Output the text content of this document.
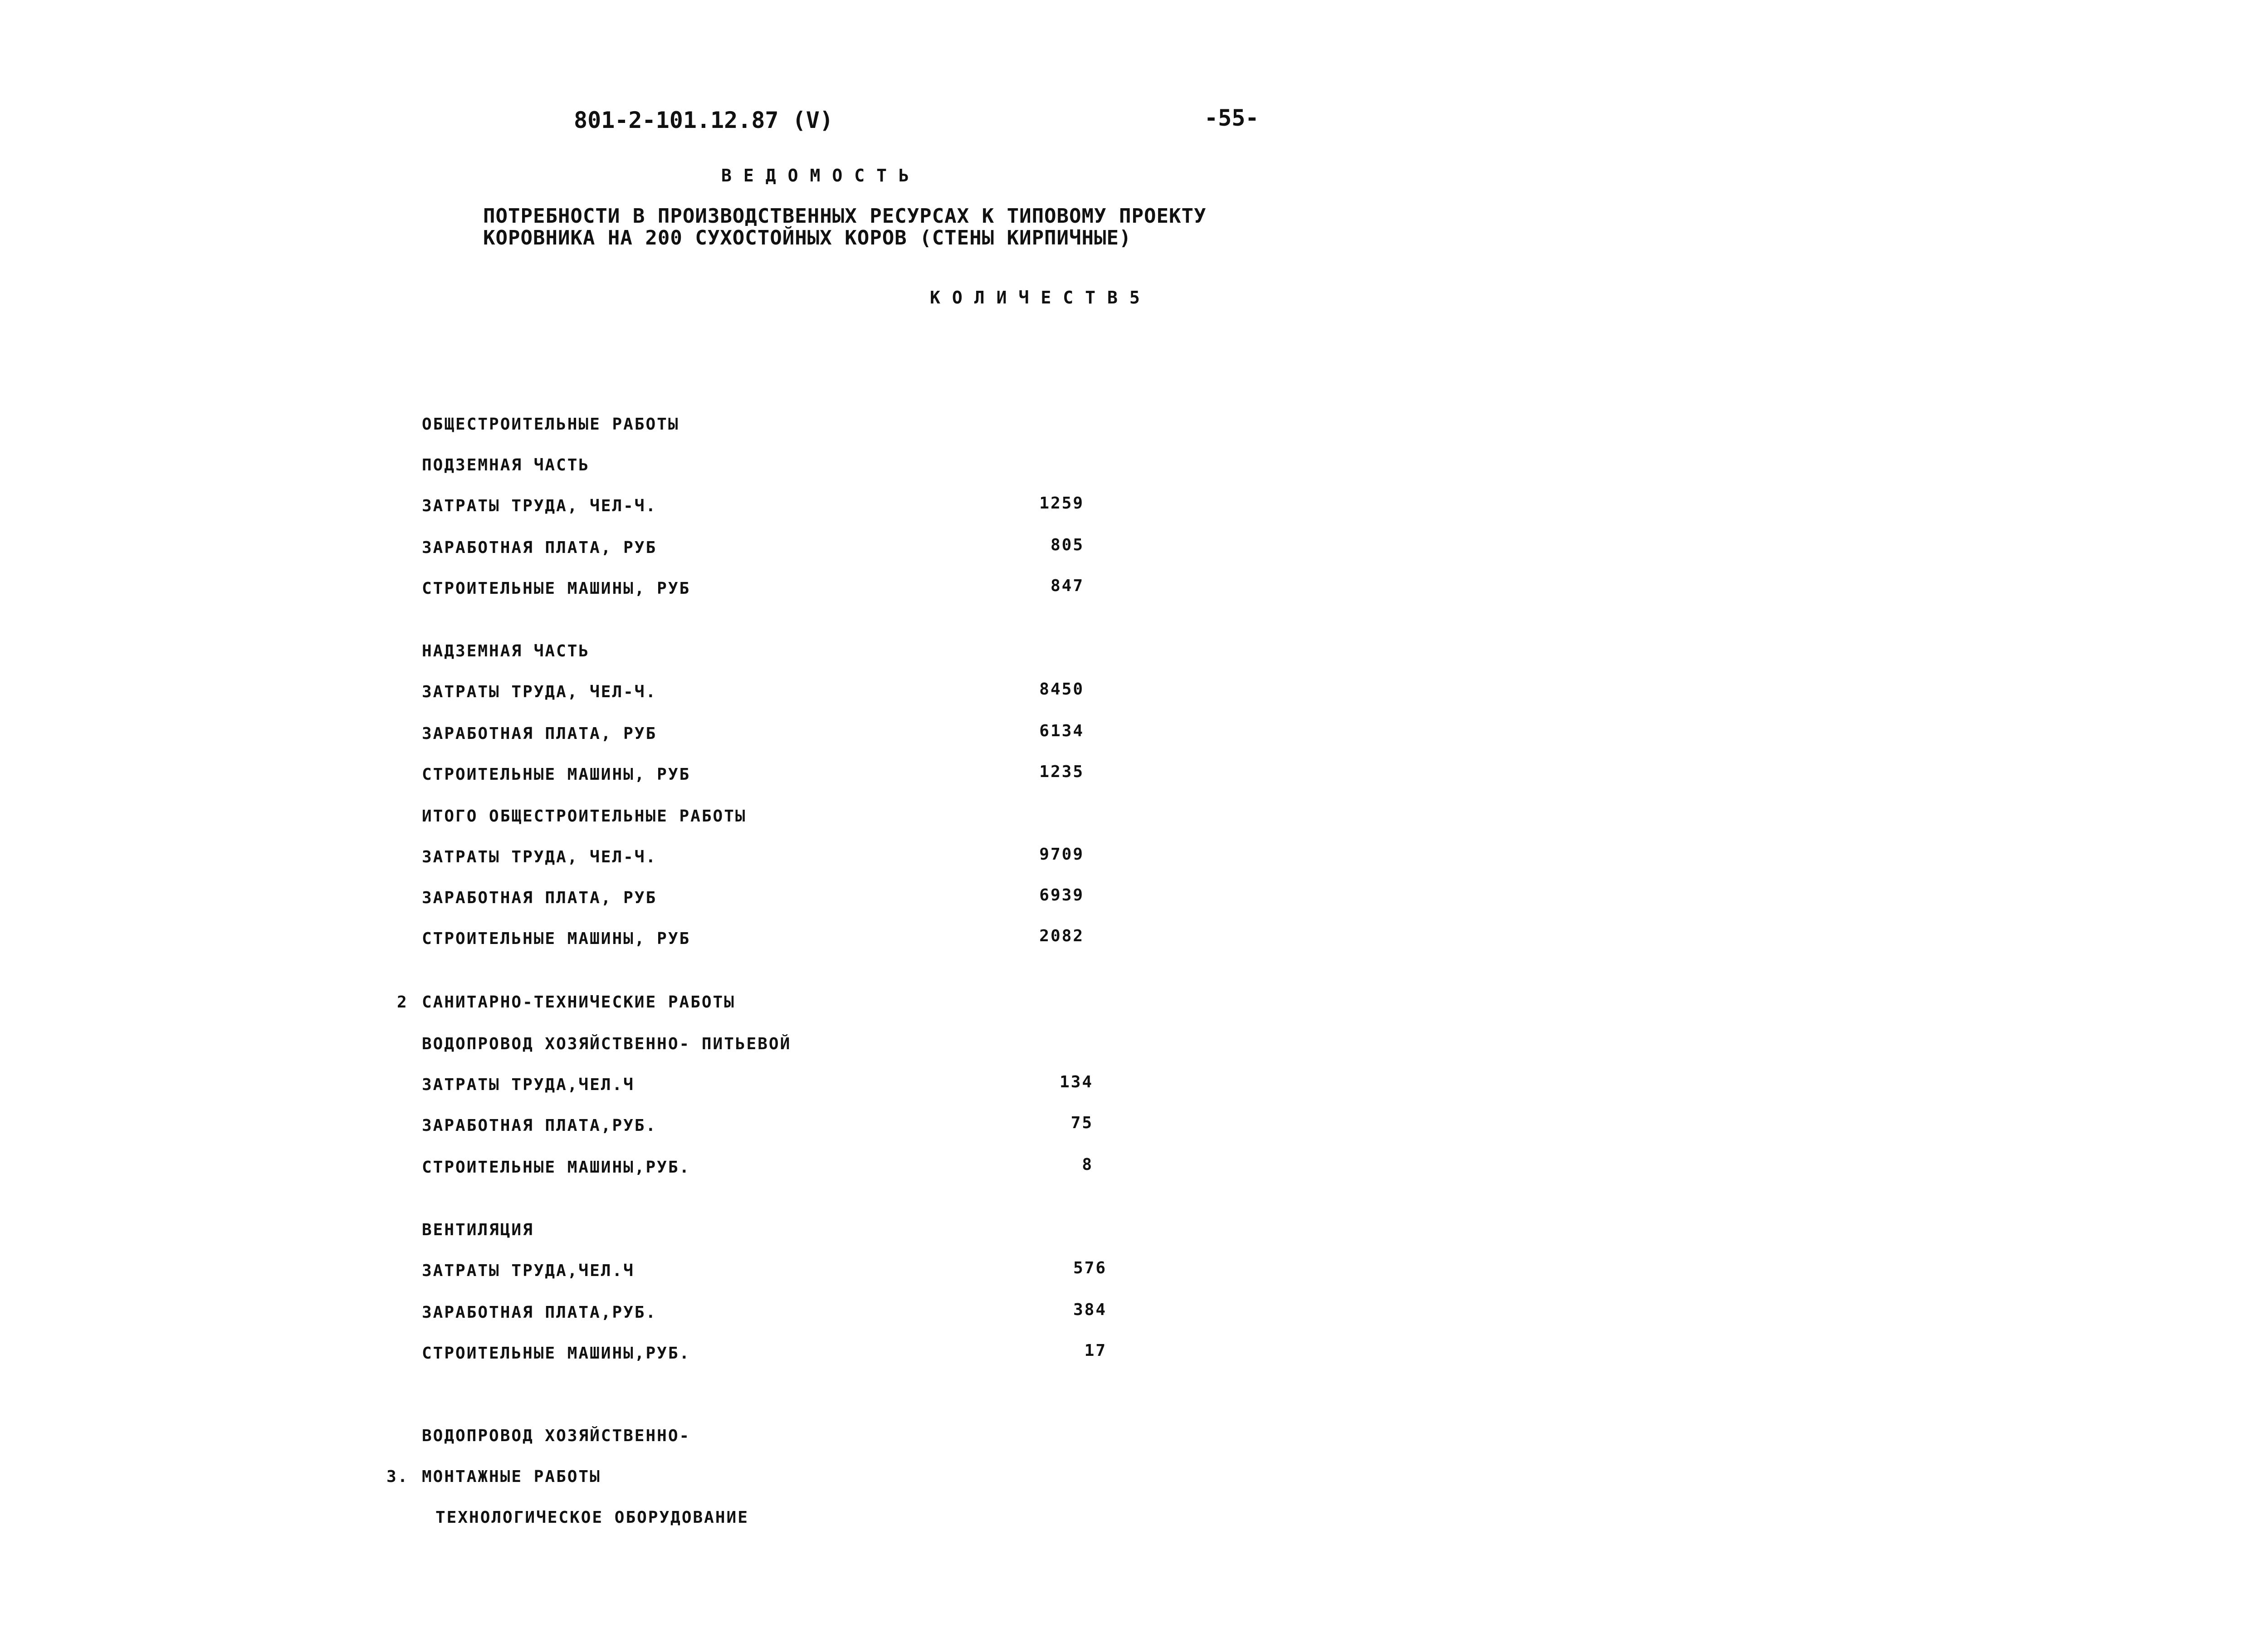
801-2-101.12.87 (V)	-55-
ВЕДОМОСТЬ
ПОТРЕБНОСТИ В ПРОИЗВОДСТВЕННЫХ РЕСУРСАХ К ТИПОВОМУ ПРОЕКТУ
КОРОВНИКА НА 200 СУХОСТОЙНЫХ КОРОВ (СТЕНЫ КИРПИЧНЫЕ)
КОЛИЧЕСТВ5
ОБЩЕСТРОИТЕЛЬНЫЕ РАБОТЫ
ПОДЗЕМНАЯ ЧАСТЬ
ЗАТРАТЫ ТРУДА, ЧЕЛ-Ч.	1259
ЗАРАБОТНАЯ ПЛАТА, РУБ	805
СТРОИТЕЛЬНЫЕ МАШИНЫ, РУБ	847
НАДЗЕМНАЯ ЧАСТЬ
ЗАТРАТЫ ТРУДА, ЧЕЛ-Ч.	8450
ЗАРАБОТНАЯ ПЛАТА, РУБ	6134
СТРОИТЕЛЬНЫЕ МАШИНЫ, РУБ	1235
ИТОГО ОБЩЕСТРОИТЕЛЬНЫЕ РАБОТЫ
ЗАТРАТЫ ТРУДА, ЧЕЛ-Ч.	9709
ЗАРАБОТНАЯ ПЛАТА, РУБ	6939
СТРОИТЕЛЬНЫЕ МАШИНЫ, РУБ	2082
САНИТАРНО-ТЕХНИЧЕСКИЕ РАБОТЫ
2
ВОДОПРОВОД ХОЗЯЙСТВЕННО- ПИТЬЕВОЙ
ЗАТРАТЫ ТРУДА,ЧЕЛ.Ч	134
ЗАРАБОТНАЯ ПЛАТА,РУБ.	75
СТРОИТЕЛЬНЫЕ МАШИНЫ,РУБ.	8
ВЕНТИЛЯЦИЯ
ЗАТРАТЫ ТРУДА,ЧЕЛ.Ч	576
ЗАРАБОТНАЯ ПЛАТА,РУБ.	384
СТРОИТЕЛЬНЫЕ МАШИНЫ,РУБ.	17
ВОДОПРОВОД ХОЗЯЙСТВЕННО-
МОНТАЖНЫЕ РАБОТЫ
3.
ТЕХНОЛОГИЧЕСКОЕ ОБОРУДОВАНИЕ
